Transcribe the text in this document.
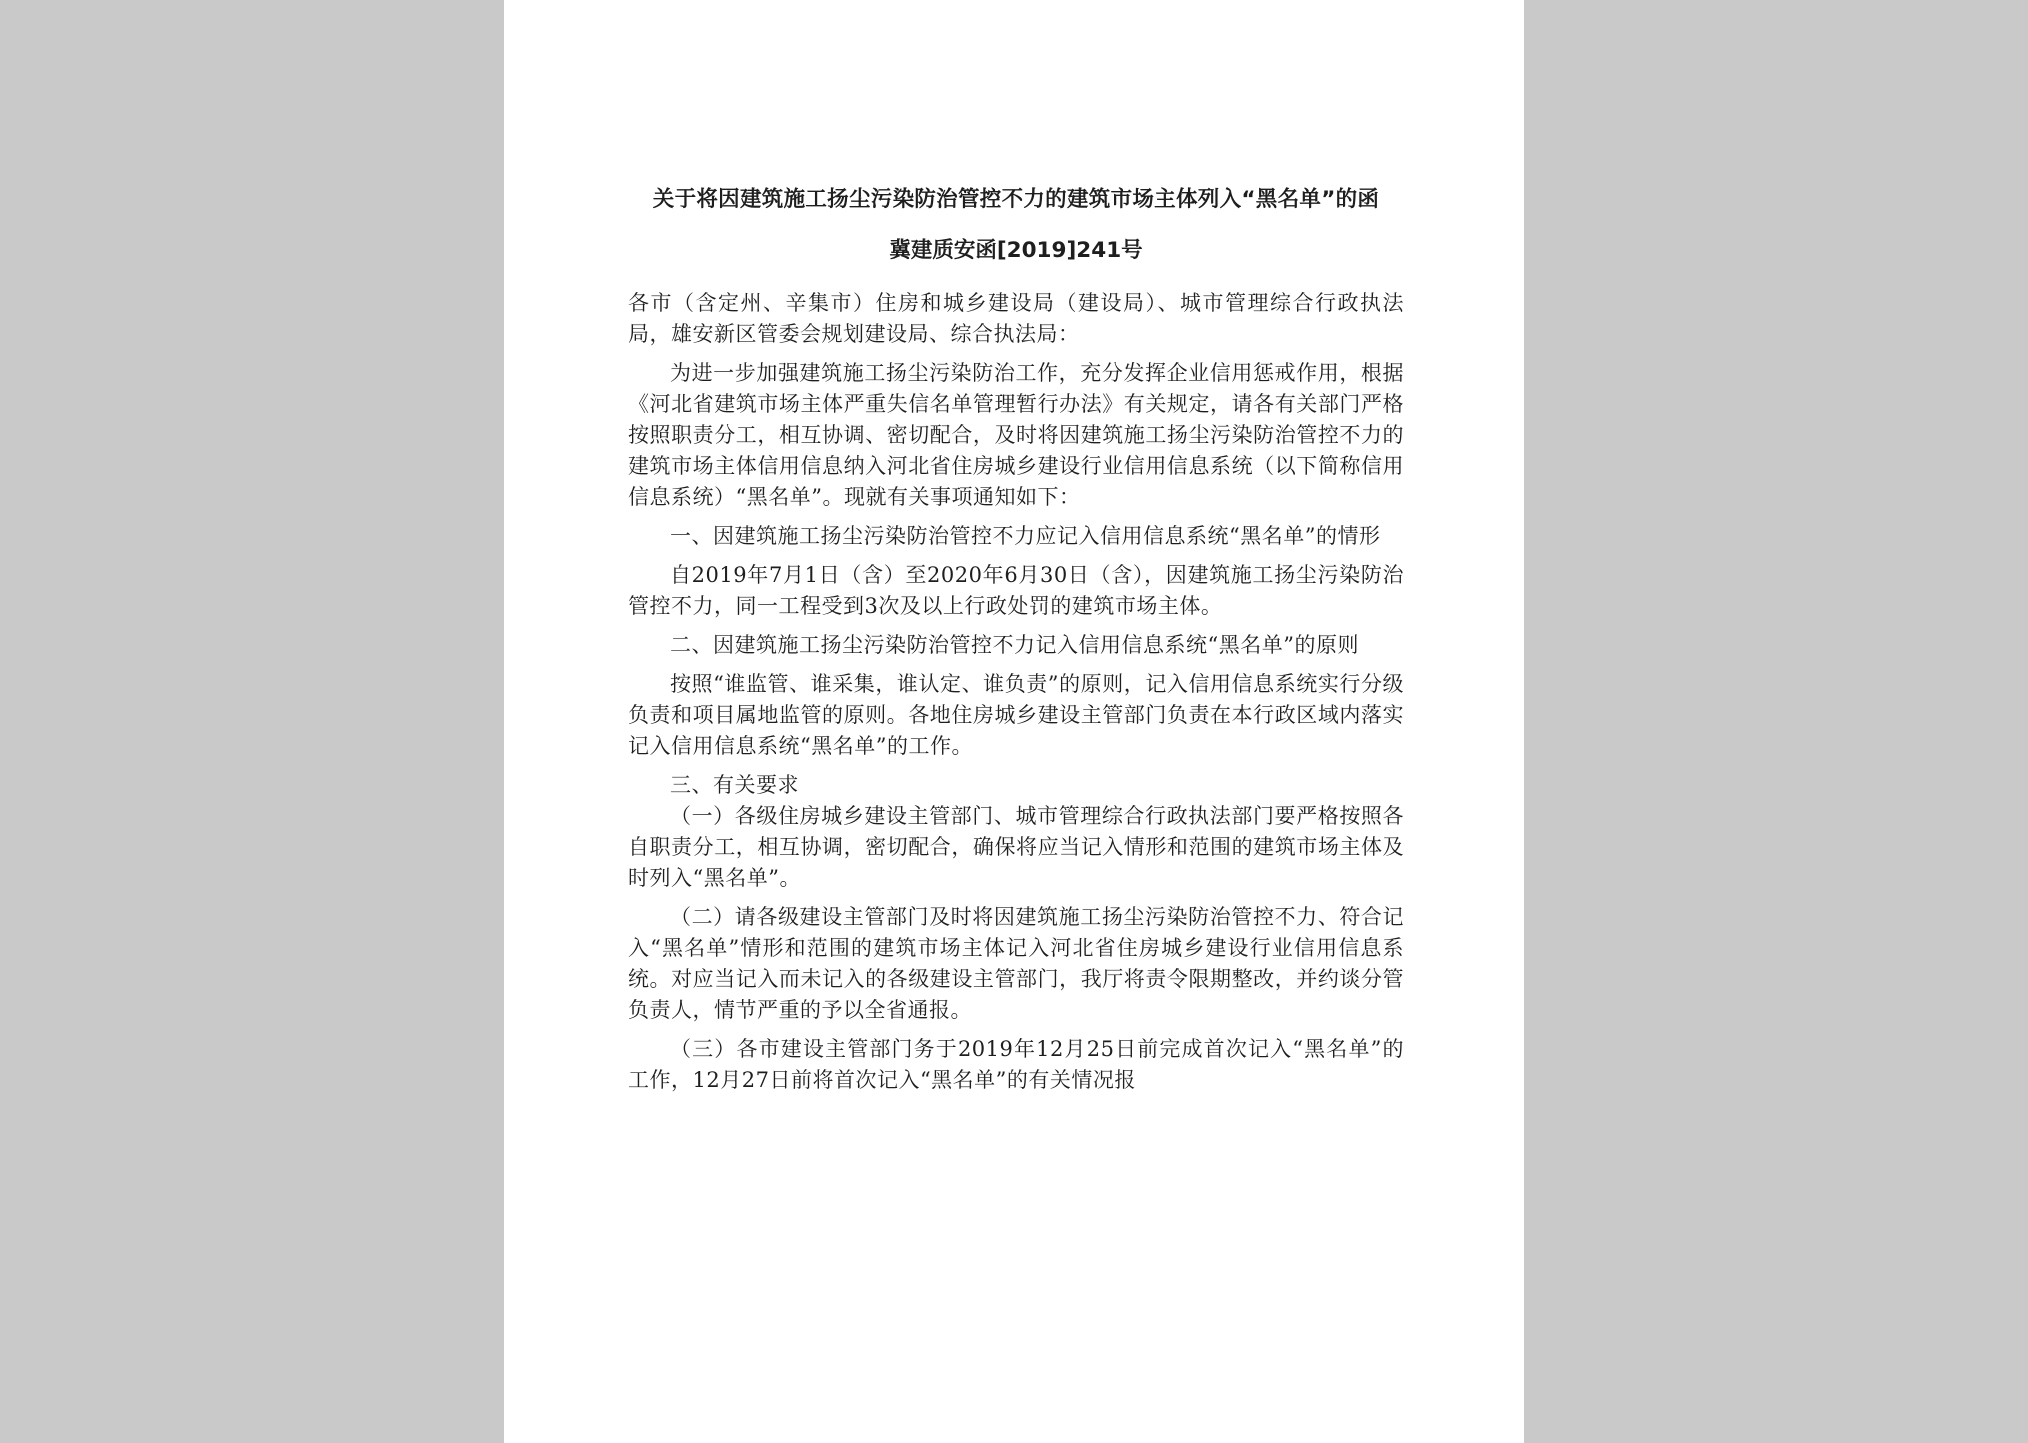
关于将因建筑施工扬尘污染防治管控不力的建筑市场主体列入“黑名单”的函
冀建质安函[2019]241号

各市（含定州、辛集市）住房和城乡建设局（建设局）、城市管理综合行政执法局，雄安新区管委会规划建设局、综合执法局：

为进一步加强建筑施工扬尘污染防治工作，充分发挥企业信用惩戒作用，根据《河北省建筑市场主体严重失信名单管理暂行办法》有关规定，请各有关部门严格按照职责分工，相互协调、密切配合，及时将因建筑施工扬尘污染防治管控不力的建筑市场主体信用信息纳入河北省住房城乡建设行业信用信息系统（以下简称信用信息系统）“黑名单”。现就有关事项通知如下：

一、因建筑施工扬尘污染防治管控不力应记入信用信息系统“黑名单”的情形

自2019年7月1日（含）至2020年6月30日（含），因建筑施工扬尘污染防治管控不力，同一工程受到3次及以上行政处罚的建筑市场主体。

二、因建筑施工扬尘污染防治管控不力记入信用信息系统“黑名单”的原则

按照“谁监管、谁采集，谁认定、谁负责”的原则，记入信用信息系统实行分级负责和项目属地监管的原则。各地住房城乡建设主管部门负责在本行政区域内落实记入信用信息系统“黑名单”的工作。

三、有关要求

（一）各级住房城乡建设主管部门、城市管理综合行政执法部门要严格按照各自职责分工，相互协调，密切配合，确保将应当记入情形和范围的建筑市场主体及时列入“黑名单”。

（二）请各级建设主管部门及时将因建筑施工扬尘污染防治管控不力、符合记入“黑名单”情形和范围的建筑市场主体记入河北省住房城乡建设行业信用信息系统。对应当记入而未记入的各级建设主管部门，我厅将责令限期整改，并约谈分管负责人，情节严重的予以全省通报。

（三）各市建设主管部门务于2019年12月25日前完成首次记入“黑名单”的工作，12月27日前将首次记入“黑名单”的有关情况报
